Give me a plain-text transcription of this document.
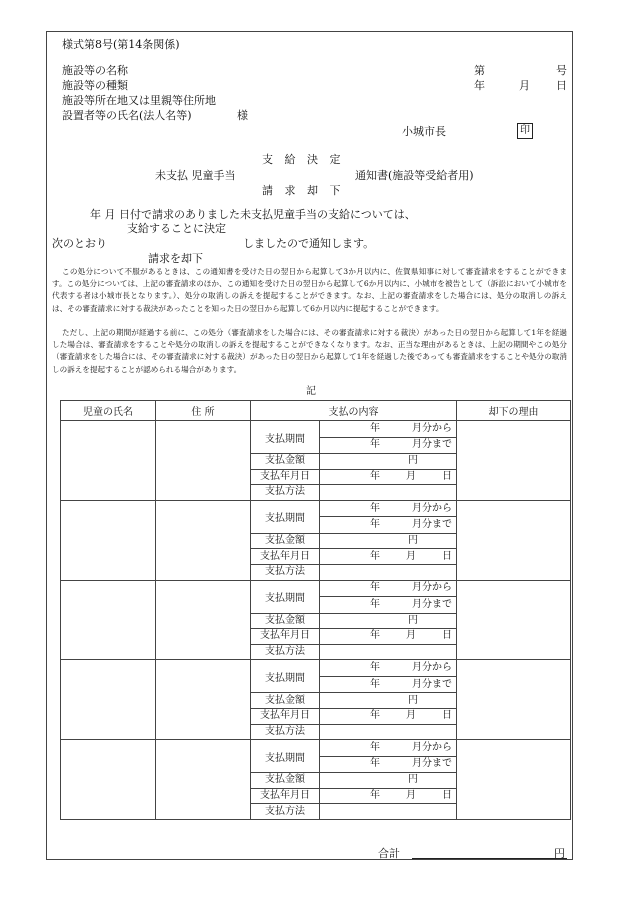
様式第8号(第14条関係)
施設等の名称
施設等の種類
施設等所在地又は里親等住所地
設置者等の氏名(法人名等)	様
第	号
年	月 日
小城市長	印
支 給 決 定
未支払 児童手当	通知書(施設等受給者用)
請 求 却 下
年 月 日付で請求のありました未支払児童手当の支給については、
支給することに決定
次のとおり	しましたので通知します。
請求を却下
この処分について不服があるときは、この通知書を受けた日の翌日から起算して3か月以内に、佐賀県知事に対して審査請求をすることができます。この処分については、上記の審査請求のほか、この通知を受けた日の翌日から起算して6か月以内に、小城市を被告として（訴訟において小城市を代表する者は小城市長となります。）、処分の取消しの訴えを提起することができます。なお、上記の審査請求をした場合には、処分の取消しの訴えは、その審査請求に対する裁決があったことを知った日の翌日から起算して6か月以内に提起することができます。
ただし、上記の期間が経過する前に、この処分（審査請求をした場合には、その審査請求に対する裁決）があった日の翌日から起算して1年を経過した場合は、審査請求をすることや処分の取消しの訴えを提起することができなくなります。なお、正当な理由があるときは、上記の期間やこの処分（審査請求をした場合には、その審査請求に対する裁決）があった日の翌日から起算して1年を経過した後であっても審査請求をすることや処分の取消しの訴えを提起することが認められる場合があります。
記
児童の氏名	住 所	支払の内容		却下の理由
		支払期間	年 月分から	

			年 月分まで	

		支払金額	円	

		支払年月日	年 月 日	

		支払方法		
		支払期間	年 月分から	

			年 月分まで	

		支払金額	円	

		支払年月日	年 月 日	

		支払方法		
		支払期間	年 月分から	

			年 月分まで	

		支払金額	円	

		支払年月日	年 月 日	

		支払方法		
		支払期間	年 月分から	

			年 月分まで	

		支払金額	円	

		支払年月日	年 月 日	

		支払方法		
		支払期間	年 月分から	

			年 月分まで	

		支払金額	円	

		支払年月日	年 月 日	

		支払方法		
合計	円
